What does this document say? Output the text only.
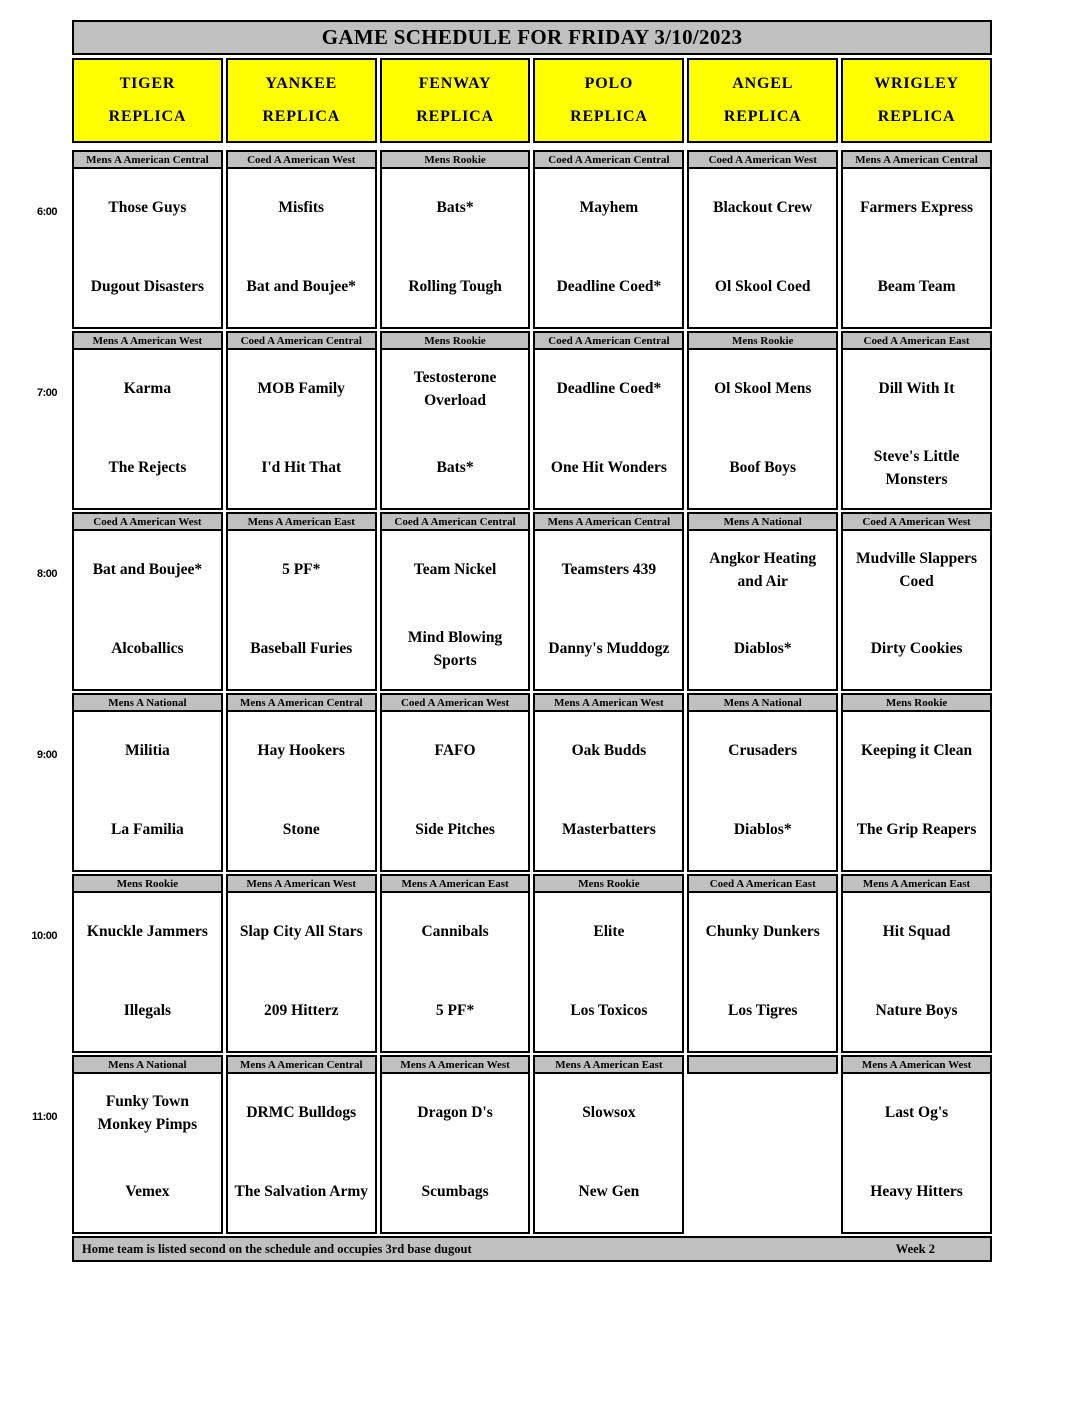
GAME SCHEDULE FOR FRIDAY 3/10/2023
TIGER
REPLICA
YANKEE
REPLICA
FENWAY
REPLICA
POLO
REPLICA
ANGEL
REPLICA
WRIGLEY
REPLICA
6:00
Mens A American Central
Those Guys
Dugout Disasters
Coed A American West
Misfits
Bat and Boujee*
Mens Rookie
Bats*
Rolling Tough
Coed A American Central
Mayhem
Deadline Coed*
Coed A American West
Blackout Crew
Ol Skool Coed
Mens A American Central
Farmers Express
Beam Team
7:00
Mens A American West
Karma
The Rejects
Coed A American Central
MOB Family
I'd Hit That
Mens Rookie
Testosterone Overload
Bats*
Coed A American Central
Deadline Coed*
One Hit Wonders
Mens Rookie
Ol Skool Mens
Boof Boys
Coed A American East
Dill With It
Steve's Little Monsters
8:00
Coed A American West
Bat and Boujee*
Alcoballics
Mens A American East
5 PF*
Baseball Furies
Coed A American Central
Team Nickel
Mind Blowing Sports
Mens A American Central
Teamsters 439
Danny's Muddogz
Mens A National
Angkor Heating and Air
Diablos*
Coed A American West
Mudville Slappers Coed
Dirty Cookies
9:00
Mens A National
Militia
La Familia
Mens A American Central
Hay Hookers
Stone
Coed A American West
FAFO
Side Pitches
Mens A American West
Oak Budds
Masterbatters
Mens A National
Crusaders
Diablos*
Mens Rookie
Keeping it Clean
The Grip Reapers
10:00
Mens Rookie
Knuckle Jammers
Illegals
Mens A American West
Slap City All Stars
209 Hitterz
Mens A American East
Cannibals
5 PF*
Mens Rookie
Elite
Los Toxicos
Coed A American East
Chunky Dunkers
Los Tigres
Mens A American East
Hit Squad
Nature Boys
11:00
Mens A National
Funky Town Monkey Pimps
Vemex
Mens A American Central
DRMC Bulldogs
The Salvation Army
Mens A American West
Dragon D's
Scumbags
Mens A American East
Slowsox
New Gen
Mens A American West
Last Og's
Heavy Hitters
Home team is listed second on the schedule and occupies 3rd base dugout	Week 2
